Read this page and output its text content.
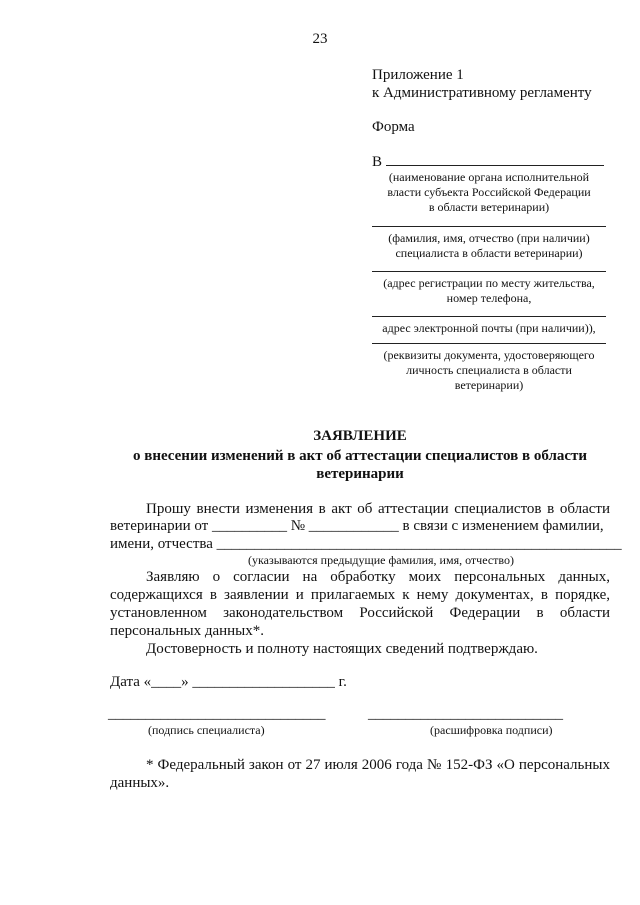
23
Приложение 1
к Административному регламенту
Форма
В
(наименование органа исполнительной
власти субъекта Российской Федерации
в области ветеринарии)
(фамилия, имя, отчество (при наличии)
специалиста в области ветеринарии)
(адрес регистрации по месту жительства,
номер телефона,
адрес электронной почты (при наличии)),
(реквизиты документа, удостоверяющего
личность специалиста в области
ветеринарии)
ЗАЯВЛЕНИЕ
о внесении изменений в акт об аттестации специалистов в области ветеринарии
Прошу внести изменения в акт об аттестации специалистов в области
ветеринарии от __________ № ____________ в связи с изменением фамилии,
имени, отчества ______________________________________________________
(указываются предыдущие фамилия, имя, отчество)
Заявляю о согласии на обработку моих персональных данных, содержащихся в заявлении и прилагаемых к нему документах, в порядке, установленном законодательством Российской Федерации в области персональных данных*.
Достоверность и полноту настоящих сведений подтверждаю.
Дата «____» ___________________ г.
_____________________________
(подпись специалиста)
__________________________
(расшифровка подписи)
* Федеральный закон от 27 июля 2006 года № 152-ФЗ «О персональных данных».
